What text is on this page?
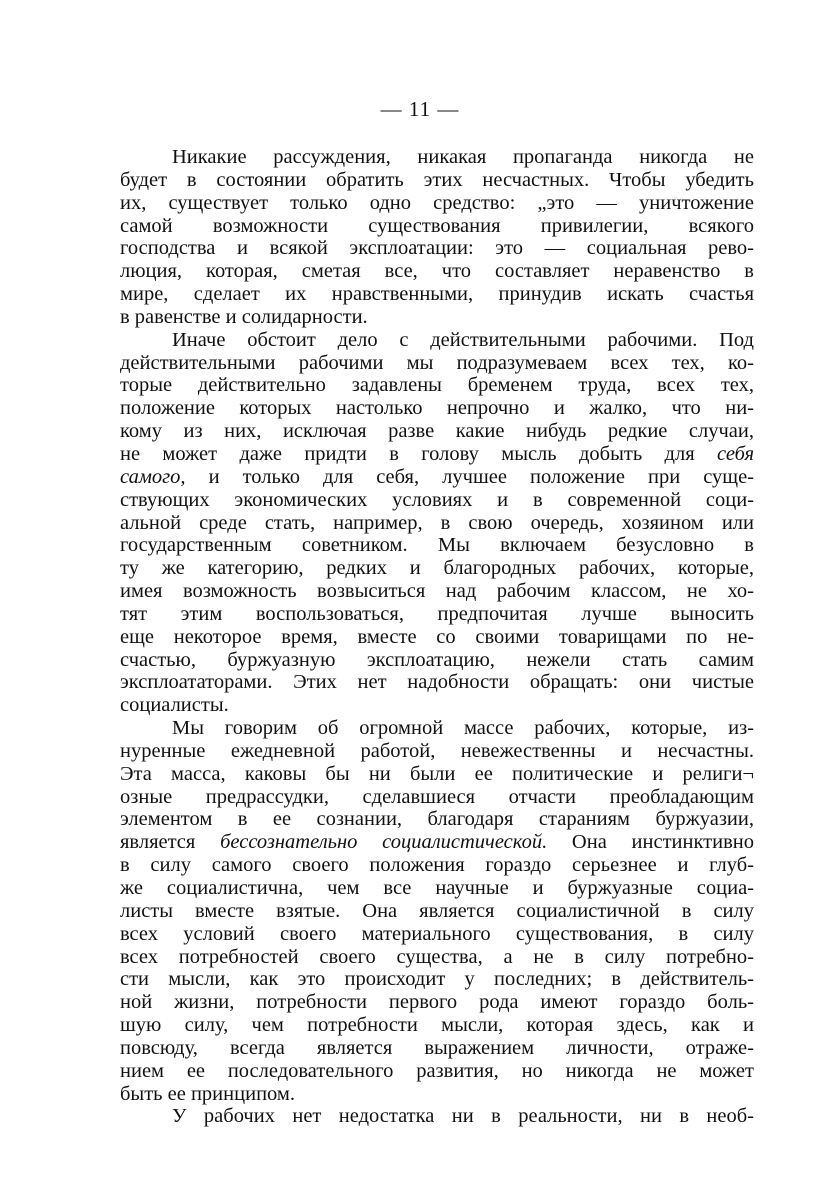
— 11 —
Никакие рассуждения, никакая пропаганда никогда не
будет в состоянии обратить этих несчастных. Чтобы убедить
их, существует только одно средство: „это — уничтожение
самой возможности существования привилегии, всякого
господства и всякой эксплоатации: это — социальная рево-
люция, которая, сметая все, что составляет неравенство в
мире, сделает их нравственными, принудив искать счастья
в равенстве и солидарности.
Иначе обстоит дело с действительными рабочими. Под
действительными рабочими мы подразумеваем всех тех, ко-
торые действительно задавлены бременем труда, всех тех,
положение которых настолько непрочно и жалко, что ни-
кому из них, исключая разве какие нибудь редкие случаи,
не может даже придти в голову мысль добыть для себя
самого, и только для себя, лучшее положение при суще-
ствующих экономических условиях и в современной соци-
альной среде стать, например, в свою очередь, хозяином или
государственным советником. Мы включаем безусловно в
ту же категорию, редких и благородных рабочих, которые,
имея возможность возвыситься над рабочим классом, не хо-
тят этим воспользоваться, предпочитая лучше выносить
еще некоторое время, вместе со своими товарищами по не-
счастью, буржуазную эксплоатацию, нежели стать самим
эксплоататорами. Этих нет надобности обращать: они чистые
социалисты.
Мы говорим об огромной массе рабочих, которые, из-
нуренные ежедневной работой, невежественны и несчастны.
Эта масса, каковы бы ни были ее политические и религи¬
озные предрассудки, сделавшиеся отчасти преобладающим
элементом в ее сознании, благодаря стараниям буржуазии,
является бессознательно социалистической. Она инстинктивно
в силу самого своего положения гораздо серьезнее и глуб-
же социалистична, чем все научные и буржуазные социа-
листы вместе взятые. Она является социалистичной в силу
всех условий своего материального существования, в силу
всех потребностей своего существа, а не в силу потребно-
сти мысли, как это происходит у последних; в действитель-
ной жизни, потребности первого рода имеют гораздо боль-
шую силу, чем потребности мысли, которая здесь, как и
повсюду, всегда является выражением личности, отраже-
нием ее последовательного развития, но никогда не может
быть ее принципом.
У рабочих нет недостатка ни в реальности, ни в необ-
